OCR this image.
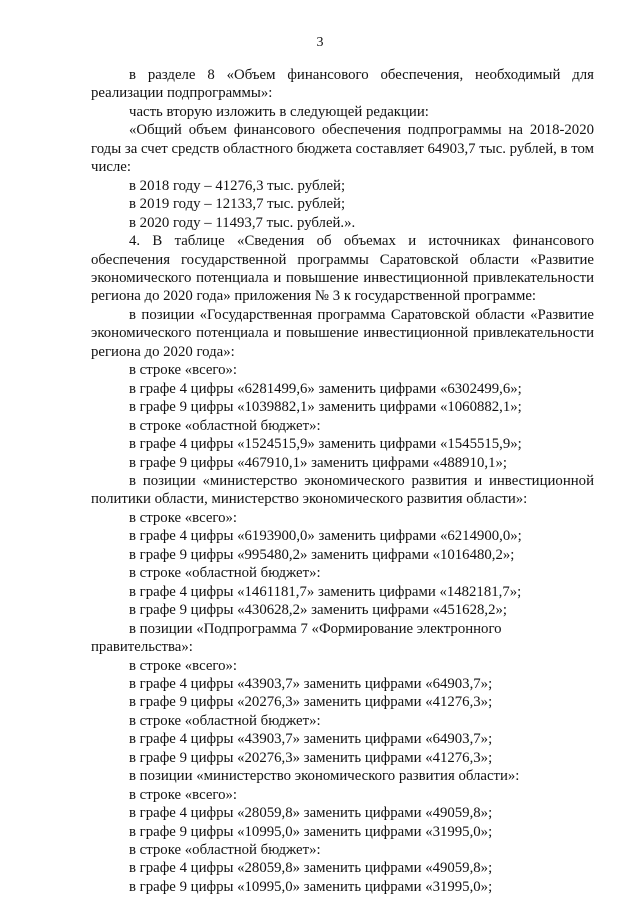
3

в разделе 8 «Объем финансового обеспечения, необходимый для реализации подпрограммы»:

часть вторую изложить в следующей редакции:

«Общий объем финансового обеспечения подпрограммы на 2018-2020 годы за счет средств областного бюджета составляет 64903,7 тыс. рублей, в том числе:

в 2018 году – 41276,3 тыс. рублей;

в 2019 году – 12133,7 тыс. рублей;

в 2020 году – 11493,7 тыс. рублей.».

4. В таблице «Сведения об объемах и источниках финансового обеспечения государственной программы Саратовской области «Развитие экономического потенциала и повышение инвестиционной привлекательности региона до 2020 года» приложения № 3 к государственной программе:

в позиции «Государственная программа Саратовской области «Развитие экономического потенциала и повышение инвестиционной привлекательности региона до 2020 года»:

в строке «всего»:

в графе 4 цифры «6281499,6» заменить цифрами «6302499,6»;

в графе 9 цифры «1039882,1» заменить цифрами «1060882,1»;

в строке «областной бюджет»:

в графе 4 цифры «1524515,9» заменить цифрами «1545515,9»;

в графе 9 цифры «467910,1» заменить цифрами «488910,1»;

в позиции «министерство экономического развития и инвестиционной политики области, министерство экономического развития области»:

в строке «всего»:

в графе 4 цифры «6193900,0» заменить цифрами «6214900,0»;

в графе 9 цифры «995480,2» заменить цифрами «1016480,2»;

в строке «областной бюджет»:

в графе 4 цифры «1461181,7» заменить цифрами «1482181,7»;

в графе 9 цифры «430628,2» заменить цифрами «451628,2»;

в позиции «Подпрограмма 7 «Формирование электронного правительства»:

в строке «всего»:

в графе 4 цифры «43903,7» заменить цифрами «64903,7»;

в графе 9 цифры «20276,3» заменить цифрами «41276,3»;

в строке «областной бюджет»:

в графе 4 цифры «43903,7» заменить цифрами «64903,7»;

в графе 9 цифры «20276,3» заменить цифрами «41276,3»;

в позиции «министерство экономического развития области»:

в строке «всего»:

в графе 4 цифры «28059,8» заменить цифрами «49059,8»;

в графе 9 цифры «10995,0» заменить цифрами «31995,0»;

в строке «областной бюджет»:

в графе 4 цифры «28059,8» заменить цифрами «49059,8»;

в графе 9 цифры «10995,0» заменить цифрами «31995,0»;
